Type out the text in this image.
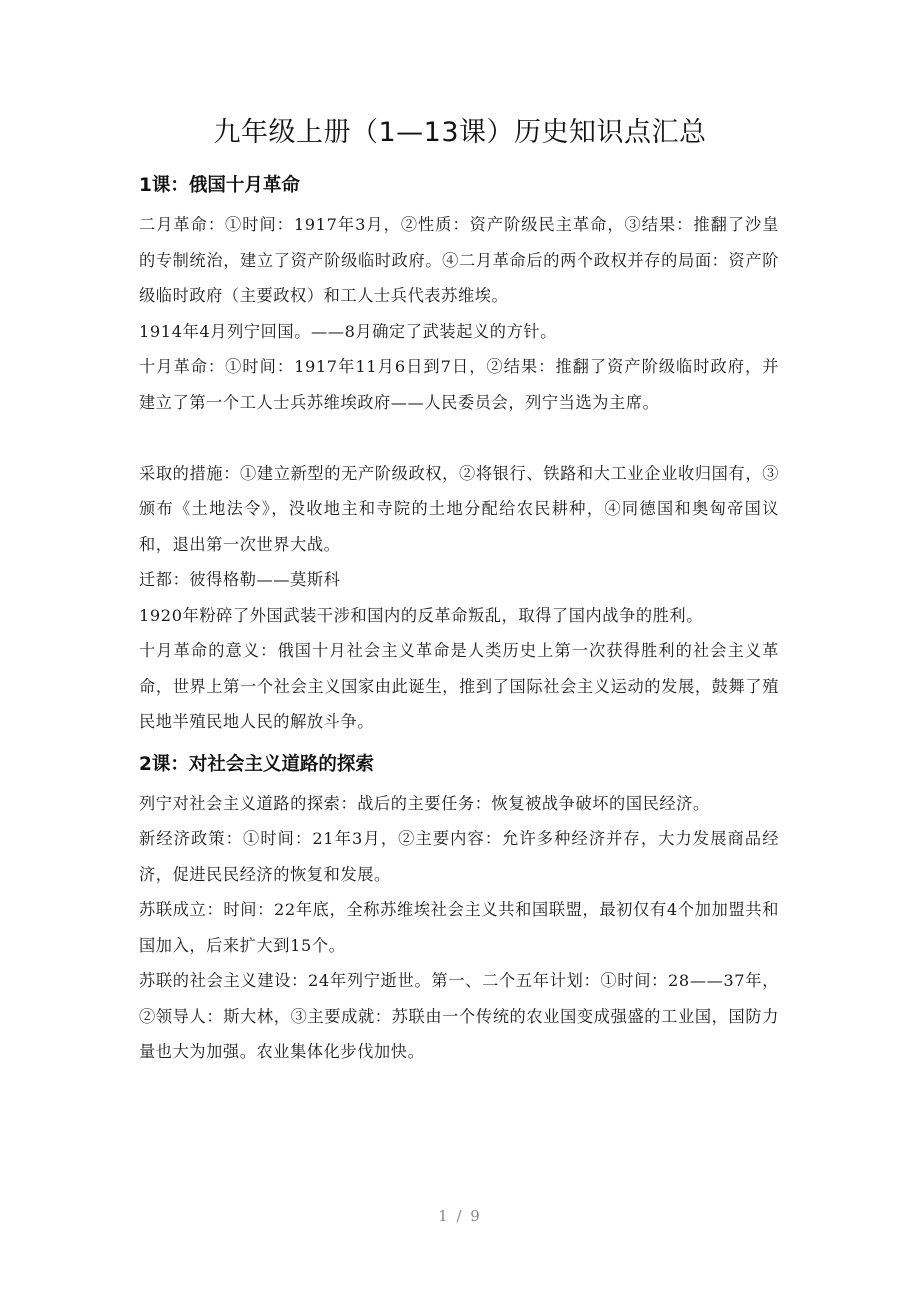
九年级上册（1—13课）历史知识点汇总
1课：俄国十月革命

二月革命：①时间：1917年3月，②性质：资产阶级民主革命，③结果：推翻了沙皇的专制统治，建立了资产阶级临时政府。④二月革命后的两个政权并存的局面：资产阶级临时政府（主要政权）和工人士兵代表苏维埃。

1914年4月列宁回国。——8月确定了武装起义的方针。

十月革命：①时间：1917年11月6日到7日，②结果：推翻了资产阶级临时政府，并建立了第一个工人士兵苏维埃政府——人民委员会，列宁当选为主席。

采取的措施：①建立新型的无产阶级政权，②将银行、铁路和大工业企业收归国有，③颁布《土地法令》，没收地主和寺院的土地分配给农民耕种，④同德国和奥匈帝国议和，退出第一次世界大战。

迁都：彼得格勒——莫斯科

1920年粉碎了外国武装干涉和国内的反革命叛乱，取得了国内战争的胜利。

十月革命的意义：俄国十月社会主义革命是人类历史上第一次获得胜利的社会主义革命，世界上第一个社会主义国家由此诞生，推到了国际社会主义运动的发展，鼓舞了殖民地半殖民地人民的解放斗争。

2课：对社会主义道路的探索

列宁对社会主义道路的探索：战后的主要任务：恢复被战争破坏的国民经济。

新经济政策：①时间：21年3月，②主要内容：允许多种经济并存，大力发展商品经济，促进民民经济的恢复和发展。

苏联成立：时间：22年底，全称苏维埃社会主义共和国联盟，最初仅有4个加加盟共和国加入，后来扩大到15个。

苏联的社会主义建设：24年列宁逝世。第一、二个五年计划：①时间：28——37年，②领导人：斯大林，③主要成就：苏联由一个传统的农业国变成强盛的工业国，国防力量也大为加强。农业集体化步伐加快。

1 / 9
